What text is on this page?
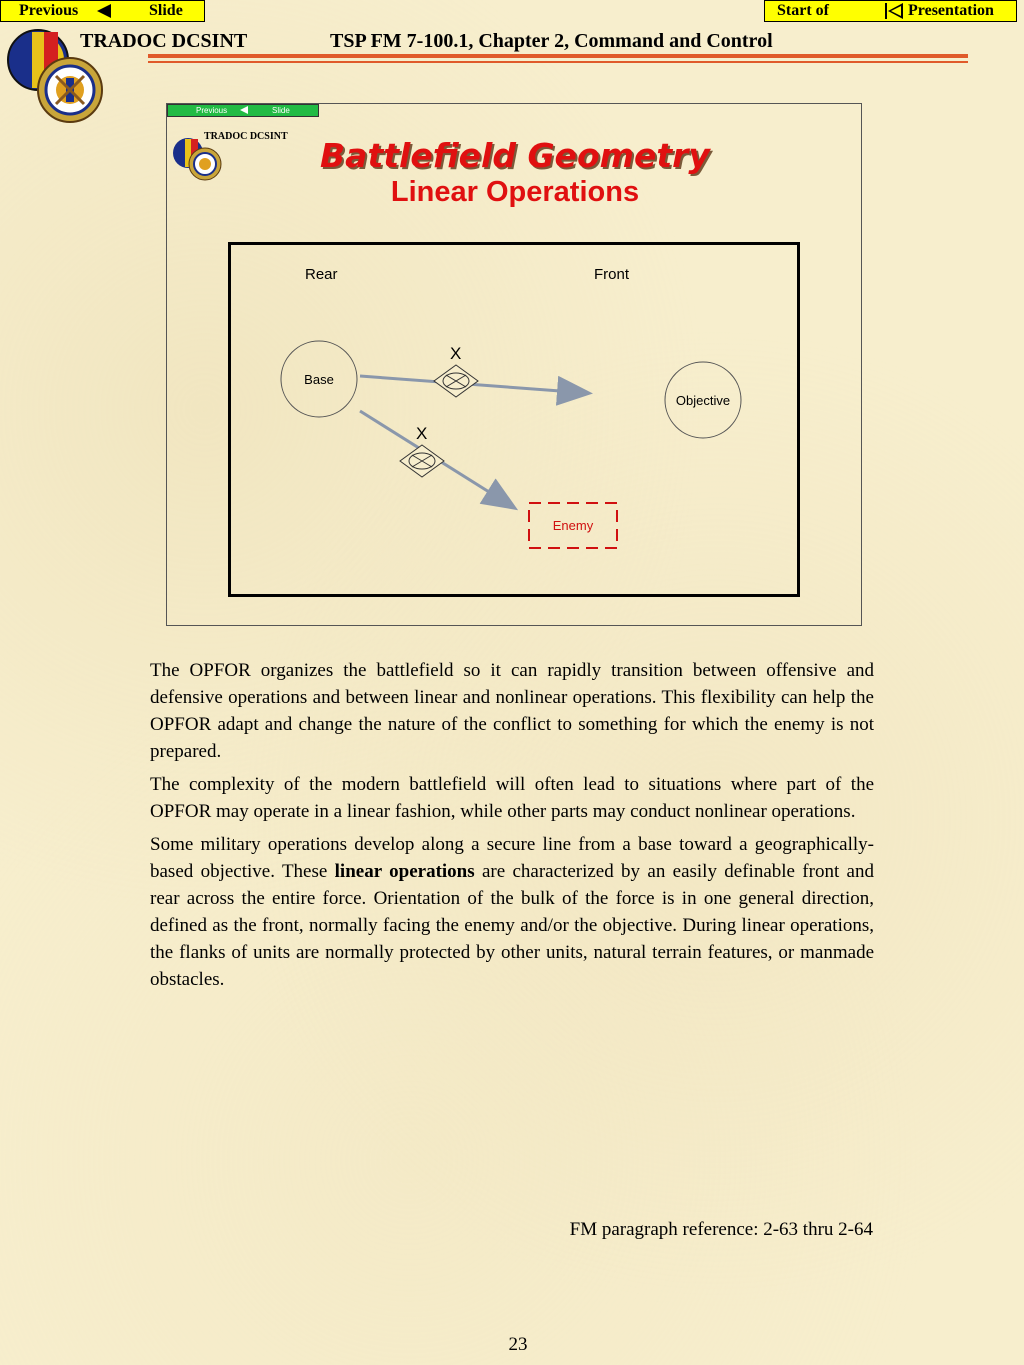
Previous	Slide	Start of	Presentation
TRADOC DCSINT	TSP FM 7-100.1, Chapter 2, Command and Control
Previous	Slide
TRADOC DCSINT Battlefield Geometry
Linear Operations
Rear	Front
Base
Objective
Enemy
X
X

The OPFOR organizes the battlefield so it can rapidly transition between offensive and defensive operations and between linear and nonlinear operations. This flexibility can help the OPFOR adapt and change the nature of the conflict to something for which the enemy is not prepared.

The complexity of the modern battlefield will often lead to situations where part of the OPFOR may operate in a linear fashion, while other parts may conduct nonlinear operations.

Some military operations develop along a secure line from a base toward a geographically-based objective. These linear operations are characterized by an easily definable front and rear across the entire force. Orientation of the bulk of the force is in one general direction, defined as the front, normally facing the enemy and/or the objective. During linear operations, the flanks of units are normally protected by other units, natural terrain features, or manmade obstacles.

FM paragraph reference: 2-63 thru 2-64
23
